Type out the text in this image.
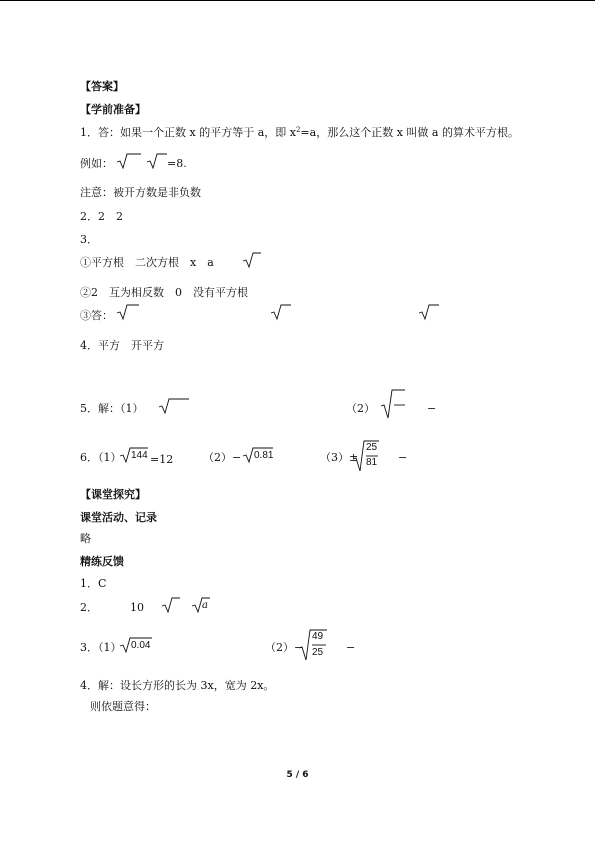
【答案】
【学前准备】
1．答：如果一个正数 x 的平方等于 a，即 $x^2=a$，那么这个正数 x 叫做 a 的算术平方根。
例如：	=8.
注意：被开方数是非负数
2．2　2
3．
①平方根　二次方根　x　a
②2　互为相反数　0　没有平方根
③答：
4．平方　开平方
5．解：（1）	（2）	−
6．（1） 144 =12	（2）− 0.81	（3）±
25
81 −
【课堂探究】
课堂活动、记录
略
精练反馈
1．C
2．	10	a
3．（1） 0.04	（2）−
49
25 −
4．解：设长方形的长为 3x，宽为 2x。
则依题意得：
5 / 6
